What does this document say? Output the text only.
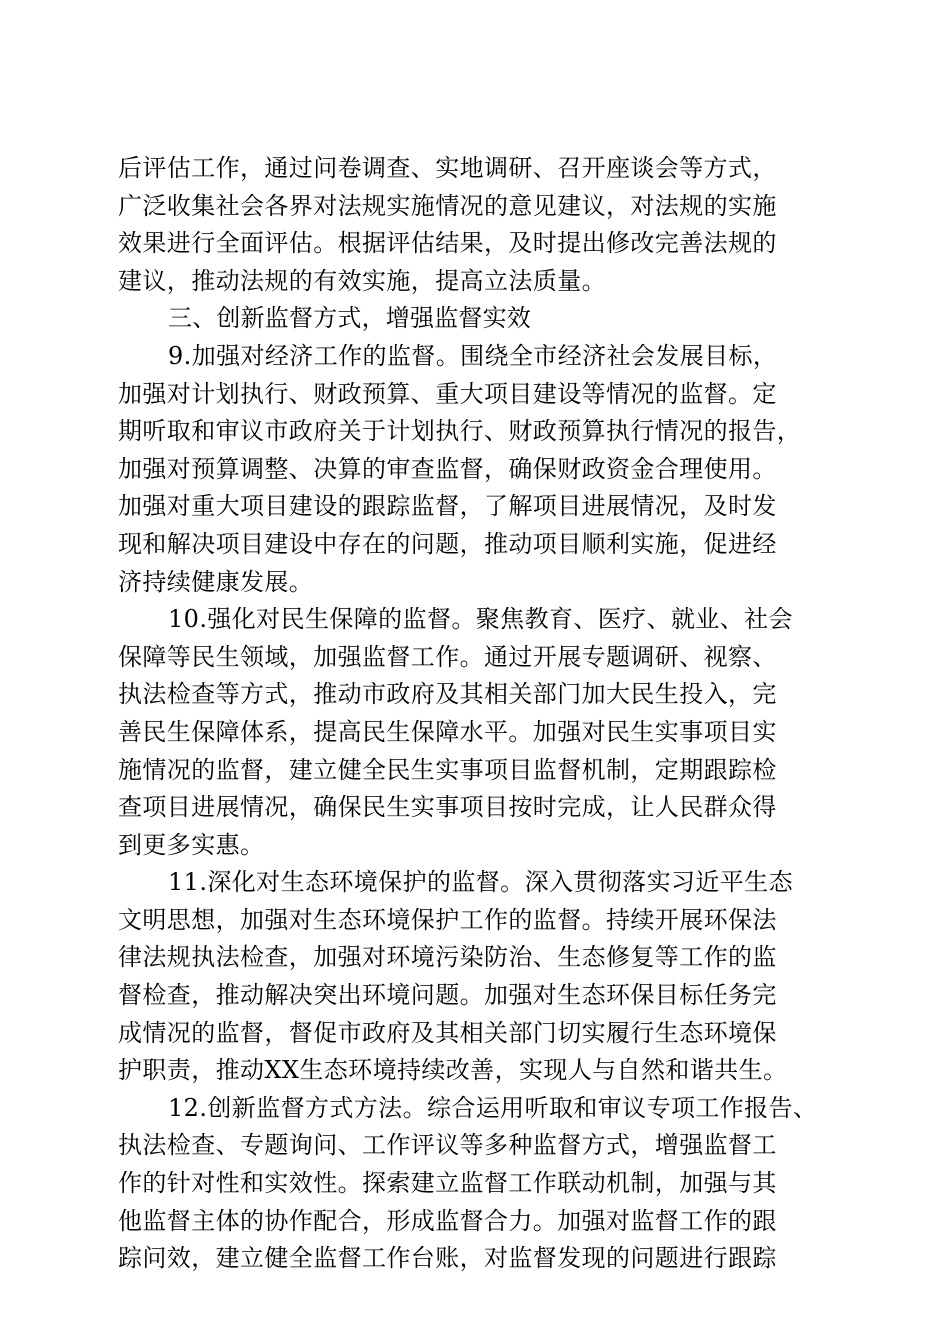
后评估工作，通过问卷调查、实地调研、召开座谈会等方式，
广泛收集社会各界对法规实施情况的意见建议，对法规的实施
效果进行全面评估。根据评估结果，及时提出修改完善法规的
建议，推动法规的有效实施，提高立法质量。
三、创新监督方式，增强监督实效
9.加强对经济工作的监督。围绕全市经济社会发展目标，
加强对计划执行、财政预算、重大项目建设等情况的监督。定
期听取和审议市政府关于计划执行、财政预算执行情况的报告，
加强对预算调整、决算的审查监督，确保财政资金合理使用。
加强对重大项目建设的跟踪监督，了解项目进展情况，及时发
现和解决项目建设中存在的问题，推动项目顺利实施，促进经
济持续健康发展。
10.强化对民生保障的监督。聚焦教育、医疗、就业、社会
保障等民生领域，加强监督工作。通过开展专题调研、视察、
执法检查等方式，推动市政府及其相关部门加大民生投入，完
善民生保障体系，提高民生保障水平。加强对民生实事项目实
施情况的监督，建立健全民生实事项目监督机制，定期跟踪检
查项目进展情况，确保民生实事项目按时完成，让人民群众得
到更多实惠。
11.深化对生态环境保护的监督。深入贯彻落实习近平生态
文明思想，加强对生态环境保护工作的监督。持续开展环保法
律法规执法检查，加强对环境污染防治、生态修复等工作的监
督检查，推动解决突出环境问题。加强对生态环保目标任务完
成情况的监督，督促市政府及其相关部门切实履行生态环境保
护职责，推动XX生态环境持续改善，实现人与自然和谐共生。
12.创新监督方式方法。综合运用听取和审议专项工作报告、
执法检查、专题询问、工作评议等多种监督方式，增强监督工
作的针对性和实效性。探索建立监督工作联动机制，加强与其
他监督主体的协作配合，形成监督合力。加强对监督工作的跟
踪问效，建立健全监督工作台账，对监督发现的问题进行跟踪
